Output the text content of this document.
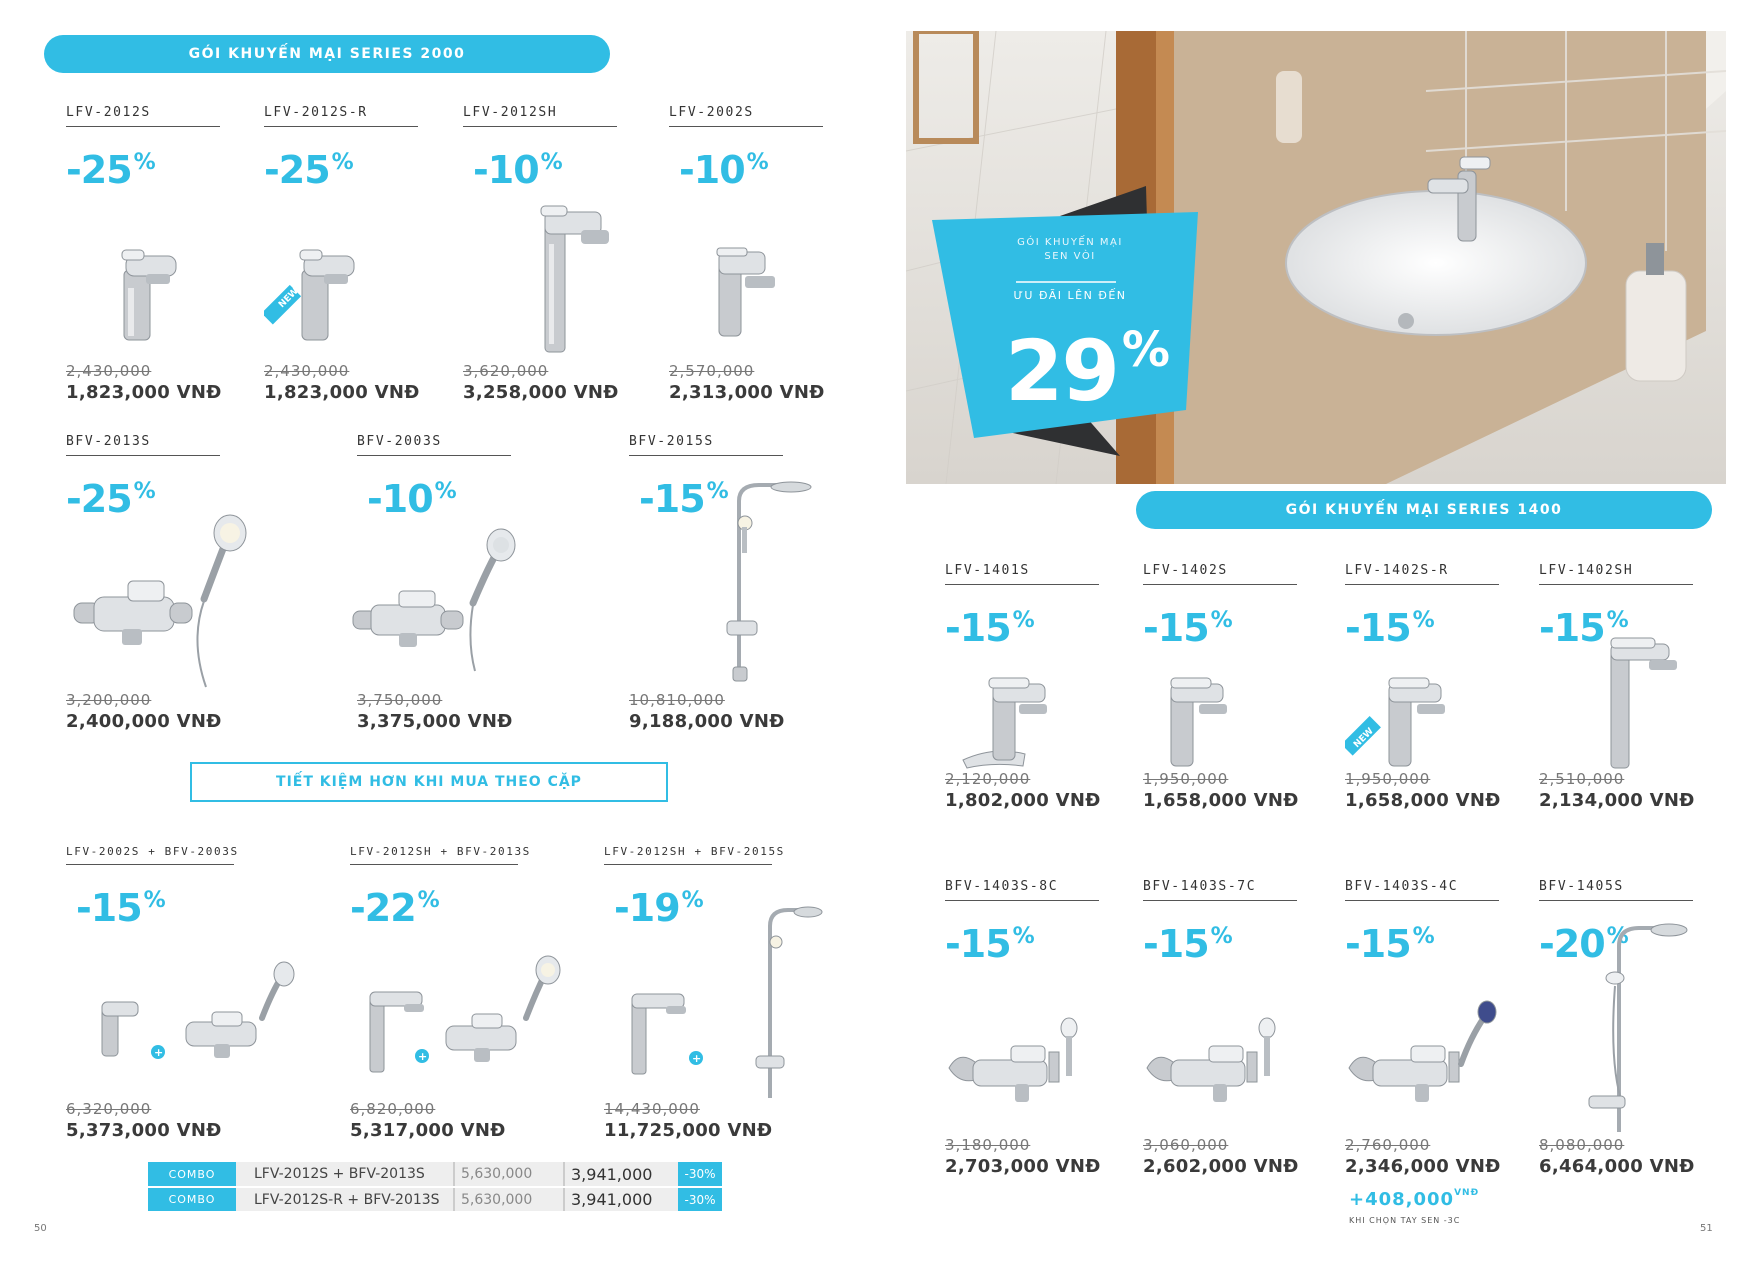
GÓI KHUYẾN MẠI SERIES 2000
LFV-2012S
-25%
2,430,000
1,823,000 VNĐ
LFV-2012S-R
-25%
NEW
2,430,000
1,823,000 VNĐ
LFV-2012SH
-10%
3,620,000
3,258,000 VNĐ
LFV-2002S
-10%
2,570,000
2,313,000 VNĐ
BFV-2013S
-25%
3,200,000
2,400,000 VNĐ
BFV-2003S
-10%
3,750,000
3,375,000 VNĐ
BFV-2015S
-15%
10,810,000
9,188,000 VNĐ
TIẾT KIỆM HƠN KHI MUA THEO CẶP
LFV-2002S + BFV-2003S
-15%
+
6,320,000
5,373,000 VNĐ
LFV-2012SH + BFV-2013S
-22%
+
6,820,000
5,317,000 VNĐ
LFV-2012SH + BFV-2015S
-19%
+
14,430,000
11,725,000 VNĐ
COMBO	LFV-2012S + BFV-2013S	5,630,000	3,941,000	-30%
COMBO	LFV-2012S-R + BFV-2013S	5,630,000	3,941,000	-30%
50
GÓI KHUYẾN MẠI
SEN VÒI
ƯU ĐÃI LÊN ĐẾN
29%
GÓI KHUYẾN MẠI SERIES 1400
LFV-1401S
-15%
2,120,000
1,802,000 VNĐ
LFV-1402S
-15%
1,950,000
1,658,000 VNĐ
LFV-1402S-R
-15%
NEW
1,950,000
1,658,000 VNĐ
LFV-1402SH
-15%
2,510,000
2,134,000 VNĐ
BFV-1403S-8C
-15%
3,180,000
2,703,000 VNĐ
BFV-1403S-7C
-15%
3,060,000
2,602,000 VNĐ
BFV-1403S-4C
-15%
2,760,000
2,346,000 VNĐ
BFV-1405S
-20%
8,080,000
6,464,000 VNĐ
$+408,000^{VNĐ}$
KHI CHỌN TAY SEN -3C
51
